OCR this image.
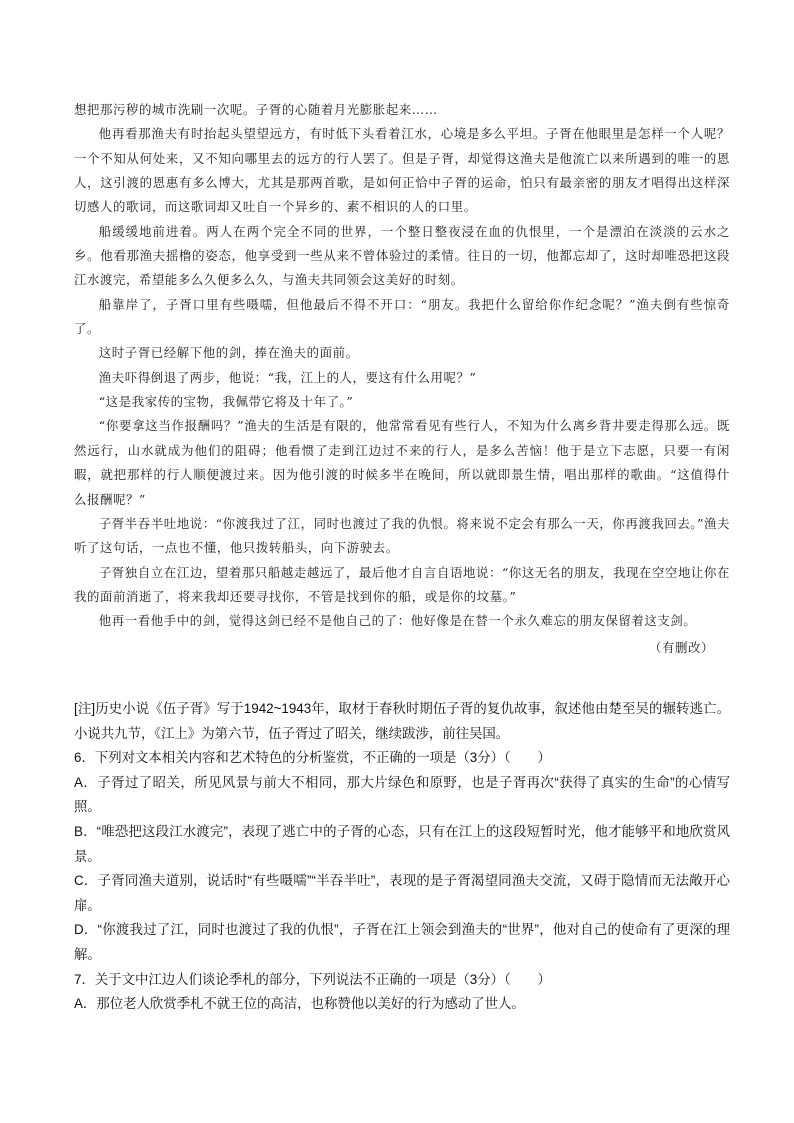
想把那污秽的城市洗刷一次呢。子胥的心随着月光膨胀起来……

他再看那渔夫有时抬起头望望远方，有时低下头看着江水，心境是多么平坦。子胥在他眼里是怎样一个人呢？一个不知从何处来，又不知向哪里去的远方的行人罢了。但是子胥，却觉得这渔夫是他流亡以来所遇到的唯一的恩人，这引渡的恩惠有多么博大，尤其是那两首歌，是如何正恰中子胥的运命，怕只有最亲密的朋友才唱得出这样深切感人的歌词，而这歌词却又吐自一个异乡的、素不相识的人的口里。

船缓缓地前进着。两人在两个完全不同的世界，一个整日整夜浸在血的仇恨里，一个是漂泊在淡淡的云水之乡。他看那渔夫摇橹的姿态，他享受到一些从来不曾体验过的柔情。往日的一切，他都忘却了，这时却唯恐把这段江水渡完，希望能多么久便多么久，与渔夫共同领会这美好的时刻。

船靠岸了，子胥口里有些嗫嚅，但他最后不得不开口：“朋友。我把什么留给你作纪念呢？”渔夫倒有些惊奇了。

这时子胥已经解下他的剑，捧在渔夫的面前。

渔夫吓得倒退了两步，他说：“我，江上的人，要这有什么用呢？”

“这是我家传的宝物，我佩带它将及十年了。”

“你要拿这当作报酬吗？”渔夫的生活是有限的，他常常看见有些行人，不知为什么离乡背井要走得那么远。既然远行，山水就成为他们的阻碍；他看惯了走到江边过不来的行人，是多么苦恼！他于是立下志愿，只要一有闲暇，就把那样的行人顺便渡过来。因为他引渡的时候多半在晚间，所以就即景生情，唱出那样的歌曲。“这值得什么报酬呢？”

子胥半吞半吐地说：“你渡我过了江，同时也渡过了我的仇恨。将来说不定会有那么一天，你再渡我回去。”渔夫听了这句话，一点也不懂，他只拨转船头，向下游驶去。

子胥独自立在江边，望着那只船越走越远了，最后他才自言自语地说：“你这无名的朋友，我现在空空地让你在我的面前消逝了，将来我却还要寻找你，不管是找到你的船，或是你的坟墓。”

他再一看他手中的剑，觉得这剑已经不是他自己的了：他好像是在替一个永久难忘的朋友保留着这支剑。

（有删改）

[注]历史小说《伍子胥》写于1942~1943年，取材于春秋时期伍子胥的复仇故事，叙述他由楚至吴的辗转逃亡。小说共九节，《江上》为第六节，伍子胥过了昭关，继续跋涉，前往吴国。

6．下列对文本相关内容和艺术特色的分析鉴赏，不正确的一项是（3分）（　　）

A．子胥过了昭关，所见风景与前大不相同，那大片绿色和原野，也是子胥再次“获得了真实的生命”的心情写照。

B．“唯恐把这段江水渡完”，表现了逃亡中的子胥的心态，只有在江上的这段短暂时光，他才能够平和地欣赏风景。

C．子胥同渔夫道别，说话时“有些嗫嚅”“半吞半吐”，表现的是子胥渴望同渔夫交流，又碍于隐情而无法敞开心扉。

D．“你渡我过了江，同时也渡过了我的仇恨”，子胥在江上领会到渔夫的“世界”，他对自己的使命有了更深的理解。

7．关于文中江边人们谈论季札的部分，下列说法不正确的一项是（3分）（　　）

A．那位老人欣赏季札不就王位的高洁，也称赞他以美好的行为感动了世人。
